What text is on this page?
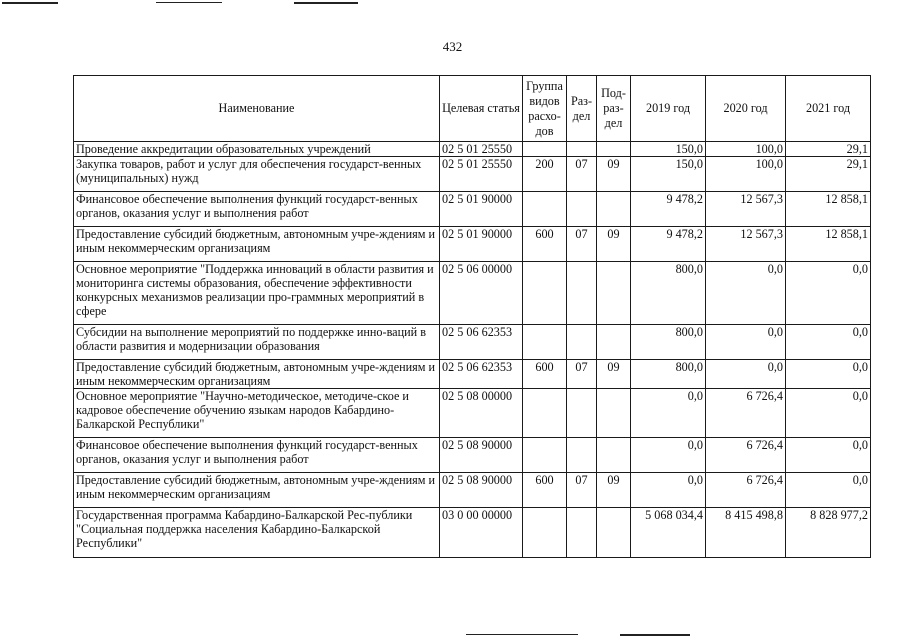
432
Наименование	Целевая статья	Группа видов расхо-дов	Раз-дел	Под-раз-дел	2019 год	2020 год	2021 год
Проведение аккредитации образовательных учреждений	02 5 01 25550				150,0	100,0	29,1
Закупка товаров, работ и услуг для обеспечения государст-венных (муниципальных) нужд	02 5 01 25550	200	07	09	150,0	100,0	29,1
Финансовое обеспечение выполнения функций государст-венных органов, оказания услуг и выполнения работ	02 5 01 90000				9 478,2	12 567,3	12 858,1
Предоставление субсидий бюджетным, автономным учре-ждениям и иным некоммерческим организациям	02 5 01 90000	600	07	09	9 478,2	12 567,3	12 858,1
Основное мероприятие "Поддержка инноваций в области развития и мониторинга системы образования, обеспечение эффективности конкурсных механизмов реализации про-граммных мероприятий в сфере	02 5 06 00000				800,0	0,0	0,0
Субсидии на выполнение мероприятий по поддержке инно-ваций в области развития и модернизации образования	02 5 06 62353				800,0	0,0	0,0
Предоставление субсидий бюджетным, автономным учре-ждениям и иным некоммерческим организациям	02 5 06 62353	600	07	09	800,0	0,0	0,0
Основное мероприятие "Научно-методическое, методиче-ское и кадровое обеспечение обучению языкам народов Кабардино-Балкарской Республики"	02 5 08 00000				0,0	6 726,4	0,0
Финансовое обеспечение выполнения функций государст-венных органов, оказания услуг и выполнения работ	02 5 08 90000				0,0	6 726,4	0,0
Предоставление субсидий бюджетным, автономным учре-ждениям и иным некоммерческим организациям	02 5 08 90000	600	07	09	0,0	6 726,4	0,0
Государственная программа Кабардино-Балкарской Рес-публики "Социальная поддержка населения Кабардино-Балкарской Республики"	03 0 00 00000				5 068 034,4	8 415 498,8	8 828 977,2
